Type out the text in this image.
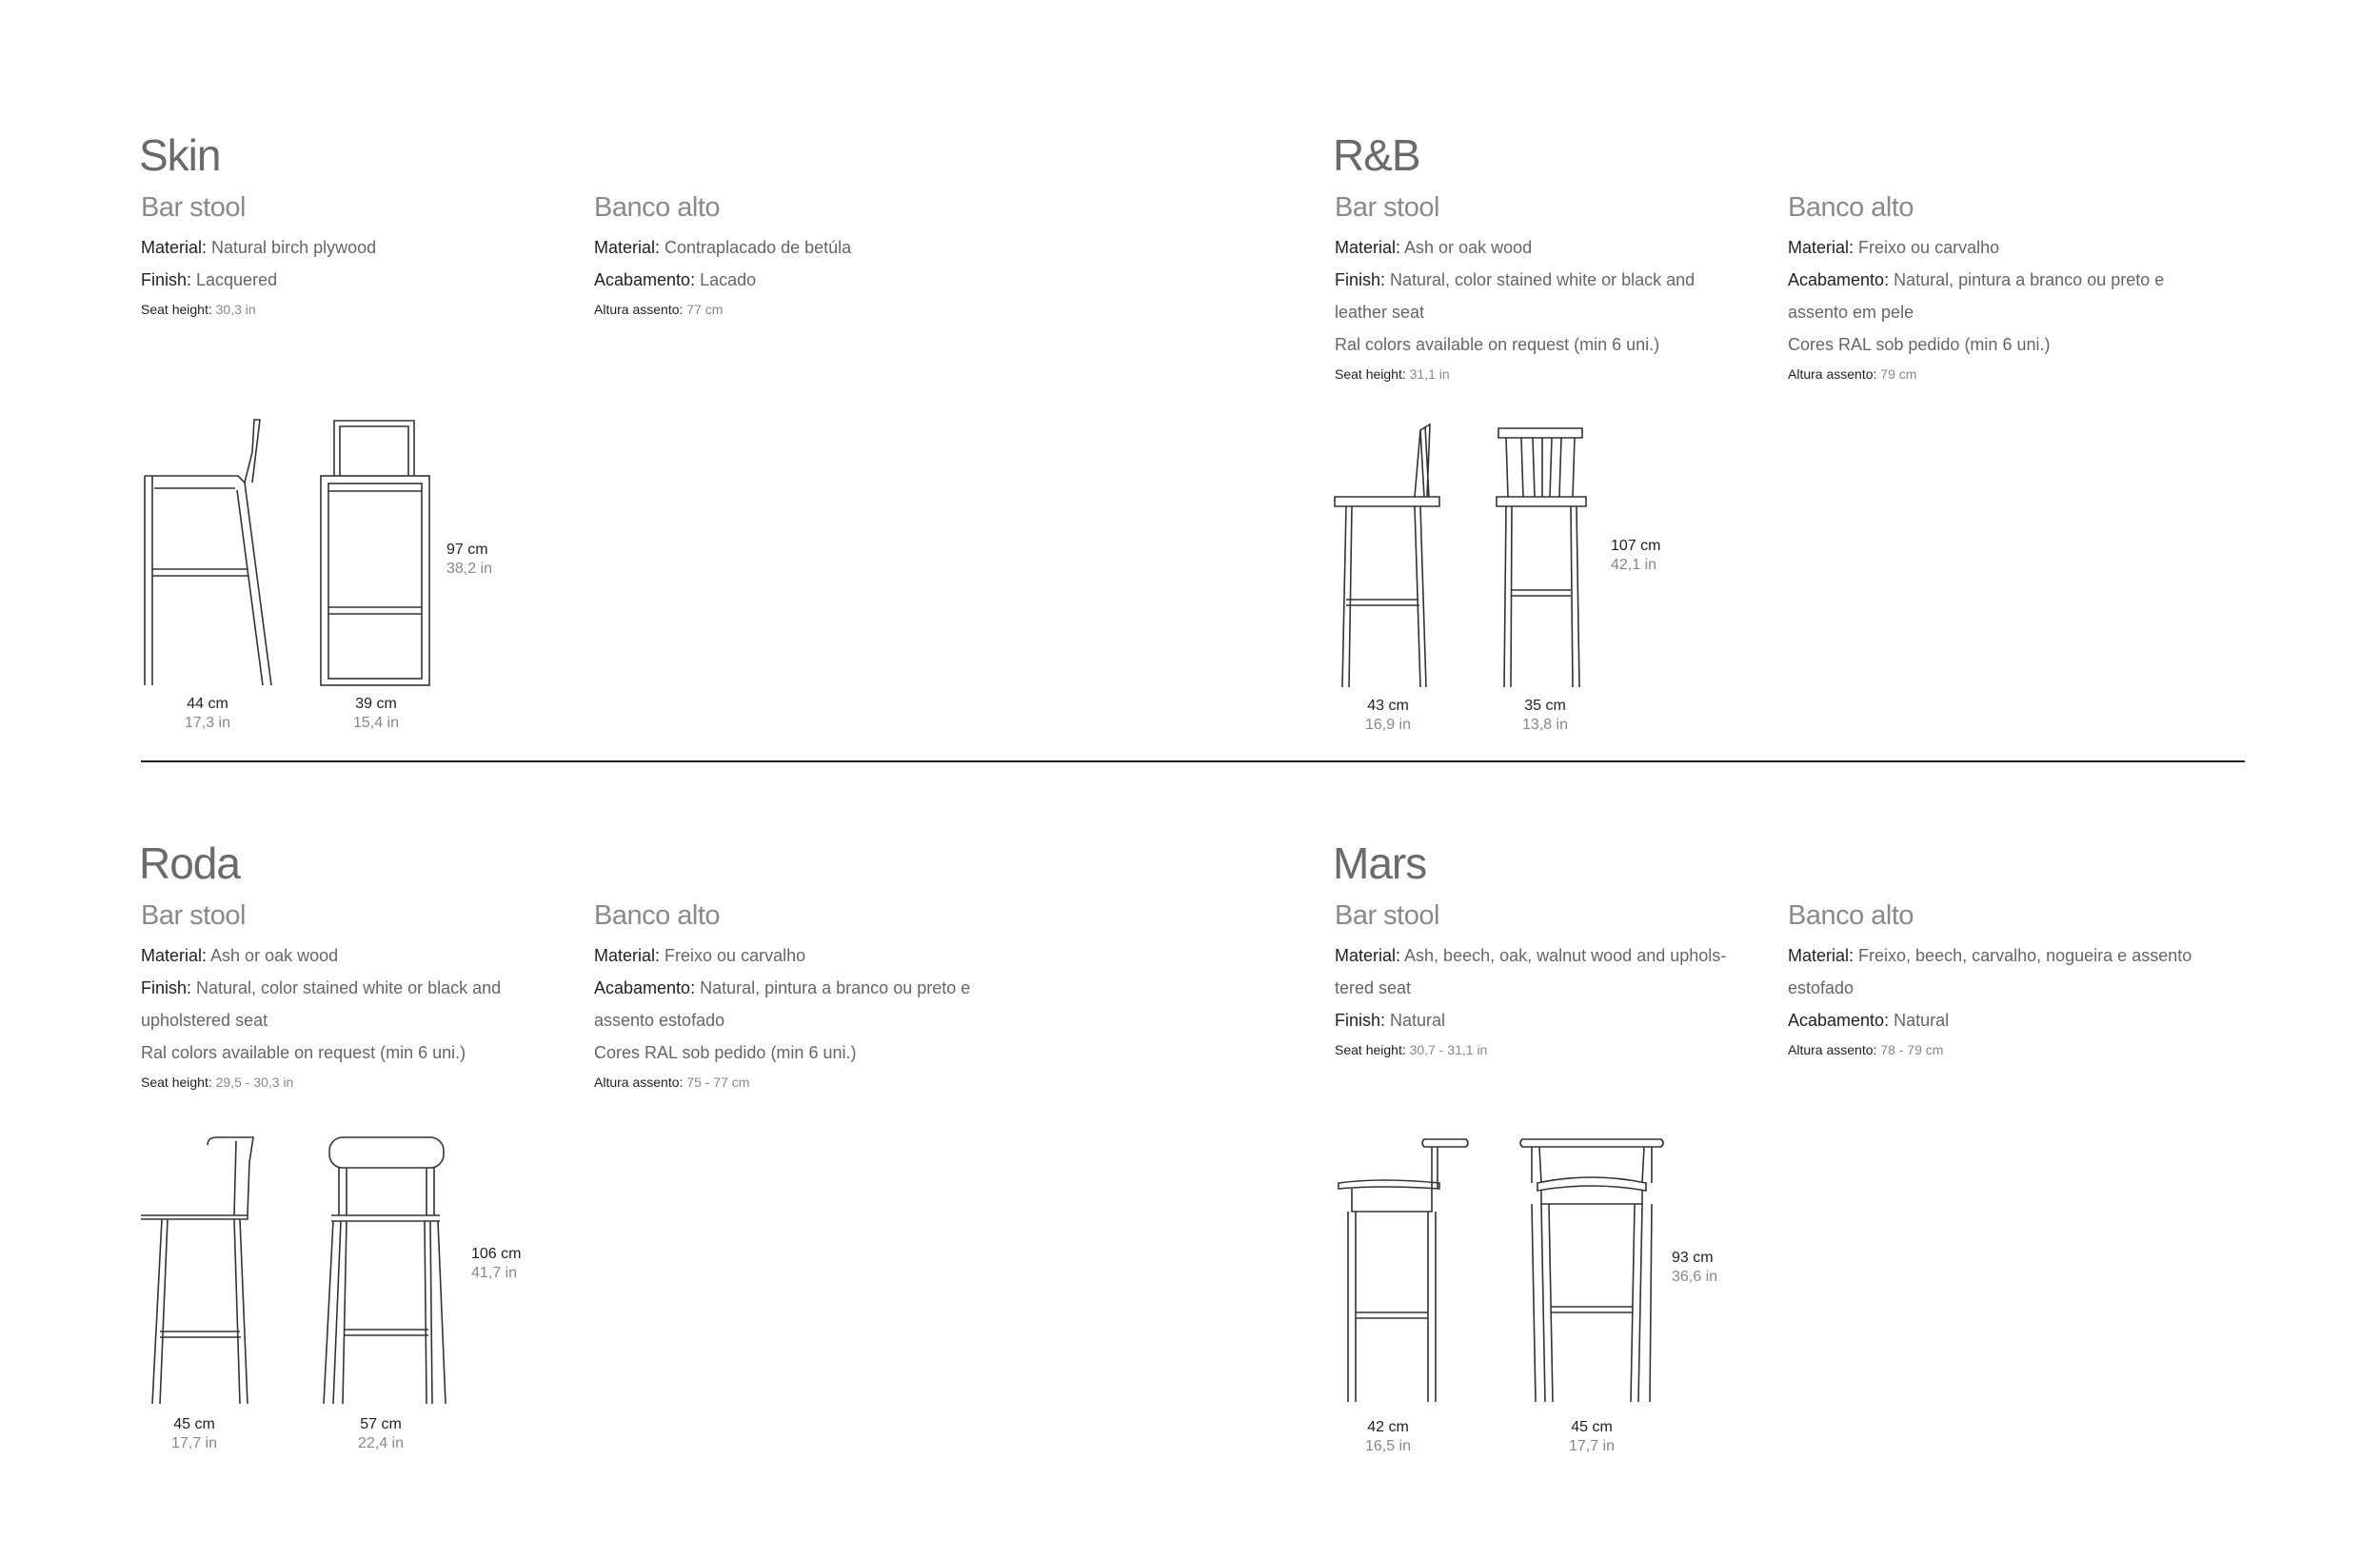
Skin
Bar stool
Material: Natural birch plywood
Finish: Lacquered
Seat height: 30,3 in
Banco alto
Material: Contraplacado de betúla
Acabamento: Lacado
Altura assento: 77 cm
44 cm
17,3 in
39 cm
15,4 in
97 cm
38,2 in
R&B
Bar stool
Material: Ash or oak wood
Finish: Natural, color stained white or black and
leather seat
Ral colors available on request (min 6 uni.)
Seat height: 31,1 in
Banco alto
Material: Freixo ou carvalho
Acabamento: Natural, pintura a branco ou preto e
assento em pele
Cores RAL sob pedido (min 6 uni.)
Altura assento: 79 cm
43 cm
16,9 in
35 cm
13,8 in
107 cm
42,1 in
Roda
Bar stool
Material: Ash or oak wood
Finish: Natural, color stained white or black and
upholstered seat
Ral colors available on request (min 6 uni.)
Seat height: 29,5 - 30,3 in
Banco alto
Material: Freixo ou carvalho
Acabamento: Natural, pintura a branco ou preto e
assento estofado
Cores RAL sob pedido (min 6 uni.)
Altura assento: 75 - 77 cm
45 cm
17,7 in
57 cm
22,4 in
106 cm
41,7 in
Mars
Bar stool
Material: Ash, beech, oak, walnut wood and uphols-
tered seat
Finish: Natural
Seat height: 30,7 - 31,1 in
Banco alto
Material: Freixo, beech, carvalho, nogueira e assento
estofado
Acabamento: Natural
Altura assento: 78 - 79 cm
42 cm
16,5 in
45 cm
17,7 in
93 cm
36,6 in
